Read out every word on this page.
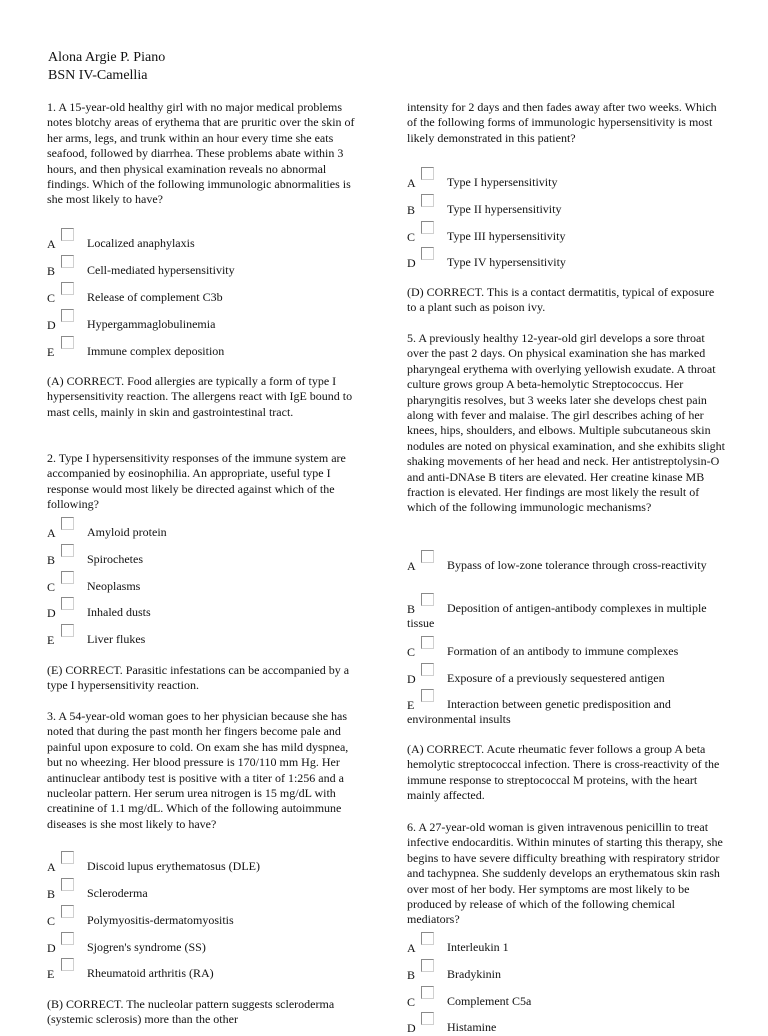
Alona Argie P. Piano
BSN IV-Camellia

1. A 15-year-old healthy girl with no major medical problems notes blotchy areas of erythema that are pruritic over the skin of her arms, legs, and trunk within an hour every time she eats seafood, followed by diarrhea. These problems abate within 3 hours, and then physical examination reveals no abnormal findings. Which of the following immunologic abnormalities is she most likely to have?

A	Localized anaphylaxis
B	Cell-mediated hypersensitivity
C	Release of complement C3b
D	Hypergammaglobulinemia
E	Immune complex deposition

(A) CORRECT. Food allergies are typically a form of type I hypersensitivity reaction. The allergens react with IgE bound to mast cells, mainly in skin and gastrointestinal tract.

2. Type I hypersensitivity responses of the immune system are accompanied by eosinophilia. An appropriate, useful type I response would most likely be directed against which of the following?

A	Amyloid protein
B	Spirochetes
C	Neoplasms
D	Inhaled dusts
E	Liver flukes

(E) CORRECT. Parasitic infestations can be accompanied by a type I hypersensitivity reaction.

3. A 54-year-old woman goes to her physician because she has noted that during the past month her fingers become pale and painful upon exposure to cold. On exam she has mild dyspnea, but no wheezing. Her blood pressure is 170/110 mm Hg. Her antinuclear antibody test is positive with a titer of 1:256 and a nucleolar pattern. Her serum urea nitrogen is 15 mg/dL with creatinine of 1.1 mg/dL. Which of the following autoimmune diseases is she most likely to have?

A	Discoid lupus erythematosus (DLE)
B	Scleroderma
C	Polymyositis-dermatomyositis
D	Sjogren's syndrome (SS)
E	Rheumatoid arthritis (RA)

(B) CORRECT. The nucleolar pattern suggests scleroderma (systemic sclerosis) more than the other

intensity for 2 days and then fades away after two weeks. Which of the following forms of immunologic hypersensitivity is most likely demonstrated in this patient?

A	Type I hypersensitivity
B	Type II hypersensitivity
C	Type III hypersensitivity
D	Type IV hypersensitivity

(D) CORRECT. This is a contact dermatitis, typical of exposure to a plant such as poison ivy.

5. A previously healthy 12-year-old girl develops a sore throat over the past 2 days. On physical examination she has marked pharyngeal erythema with overlying yellowish exudate. A throat culture grows group A beta-hemolytic Streptococcus. Her pharyngitis resolves, but 3 weeks later she develops chest pain along with fever and malaise. The girl describes aching of her knees, hips, shoulders, and elbows. Multiple subcutaneous skin nodules are noted on physical examination, and she exhibits slight shaking movements of her head and neck. Her antistreptolysin-O and anti-DNAse B titers are elevated. Her creatine kinase MB fraction is elevated. Her findings are most likely the result of which of the following immunologic mechanisms?

A	Bypass of low-zone tolerance through cross-reactivity
B	Deposition of antigen-antibody complexes in multiple tissue
C	Formation of an antibody to immune complexes
D	Exposure of a previously sequestered antigen
E	Interaction between genetic predisposition and environmental insults

(A) CORRECT. Acute rheumatic fever follows a group A beta hemolytic streptococcal infection. There is cross-reactivity of the immune response to streptococcal M proteins, with the heart mainly affected.

6. A 27-year-old woman is given intravenous penicillin to treat infective endocarditis. Within minutes of starting this therapy, she begins to have severe difficulty breathing with respiratory stridor and tachypnea. She suddenly develops an erythematous skin rash over most of her body. Her symptoms are most likely to be produced by release of which of the following chemical mediators?

A	Interleukin 1
B	Bradykinin
C	Complement C5a
D	Histamine
